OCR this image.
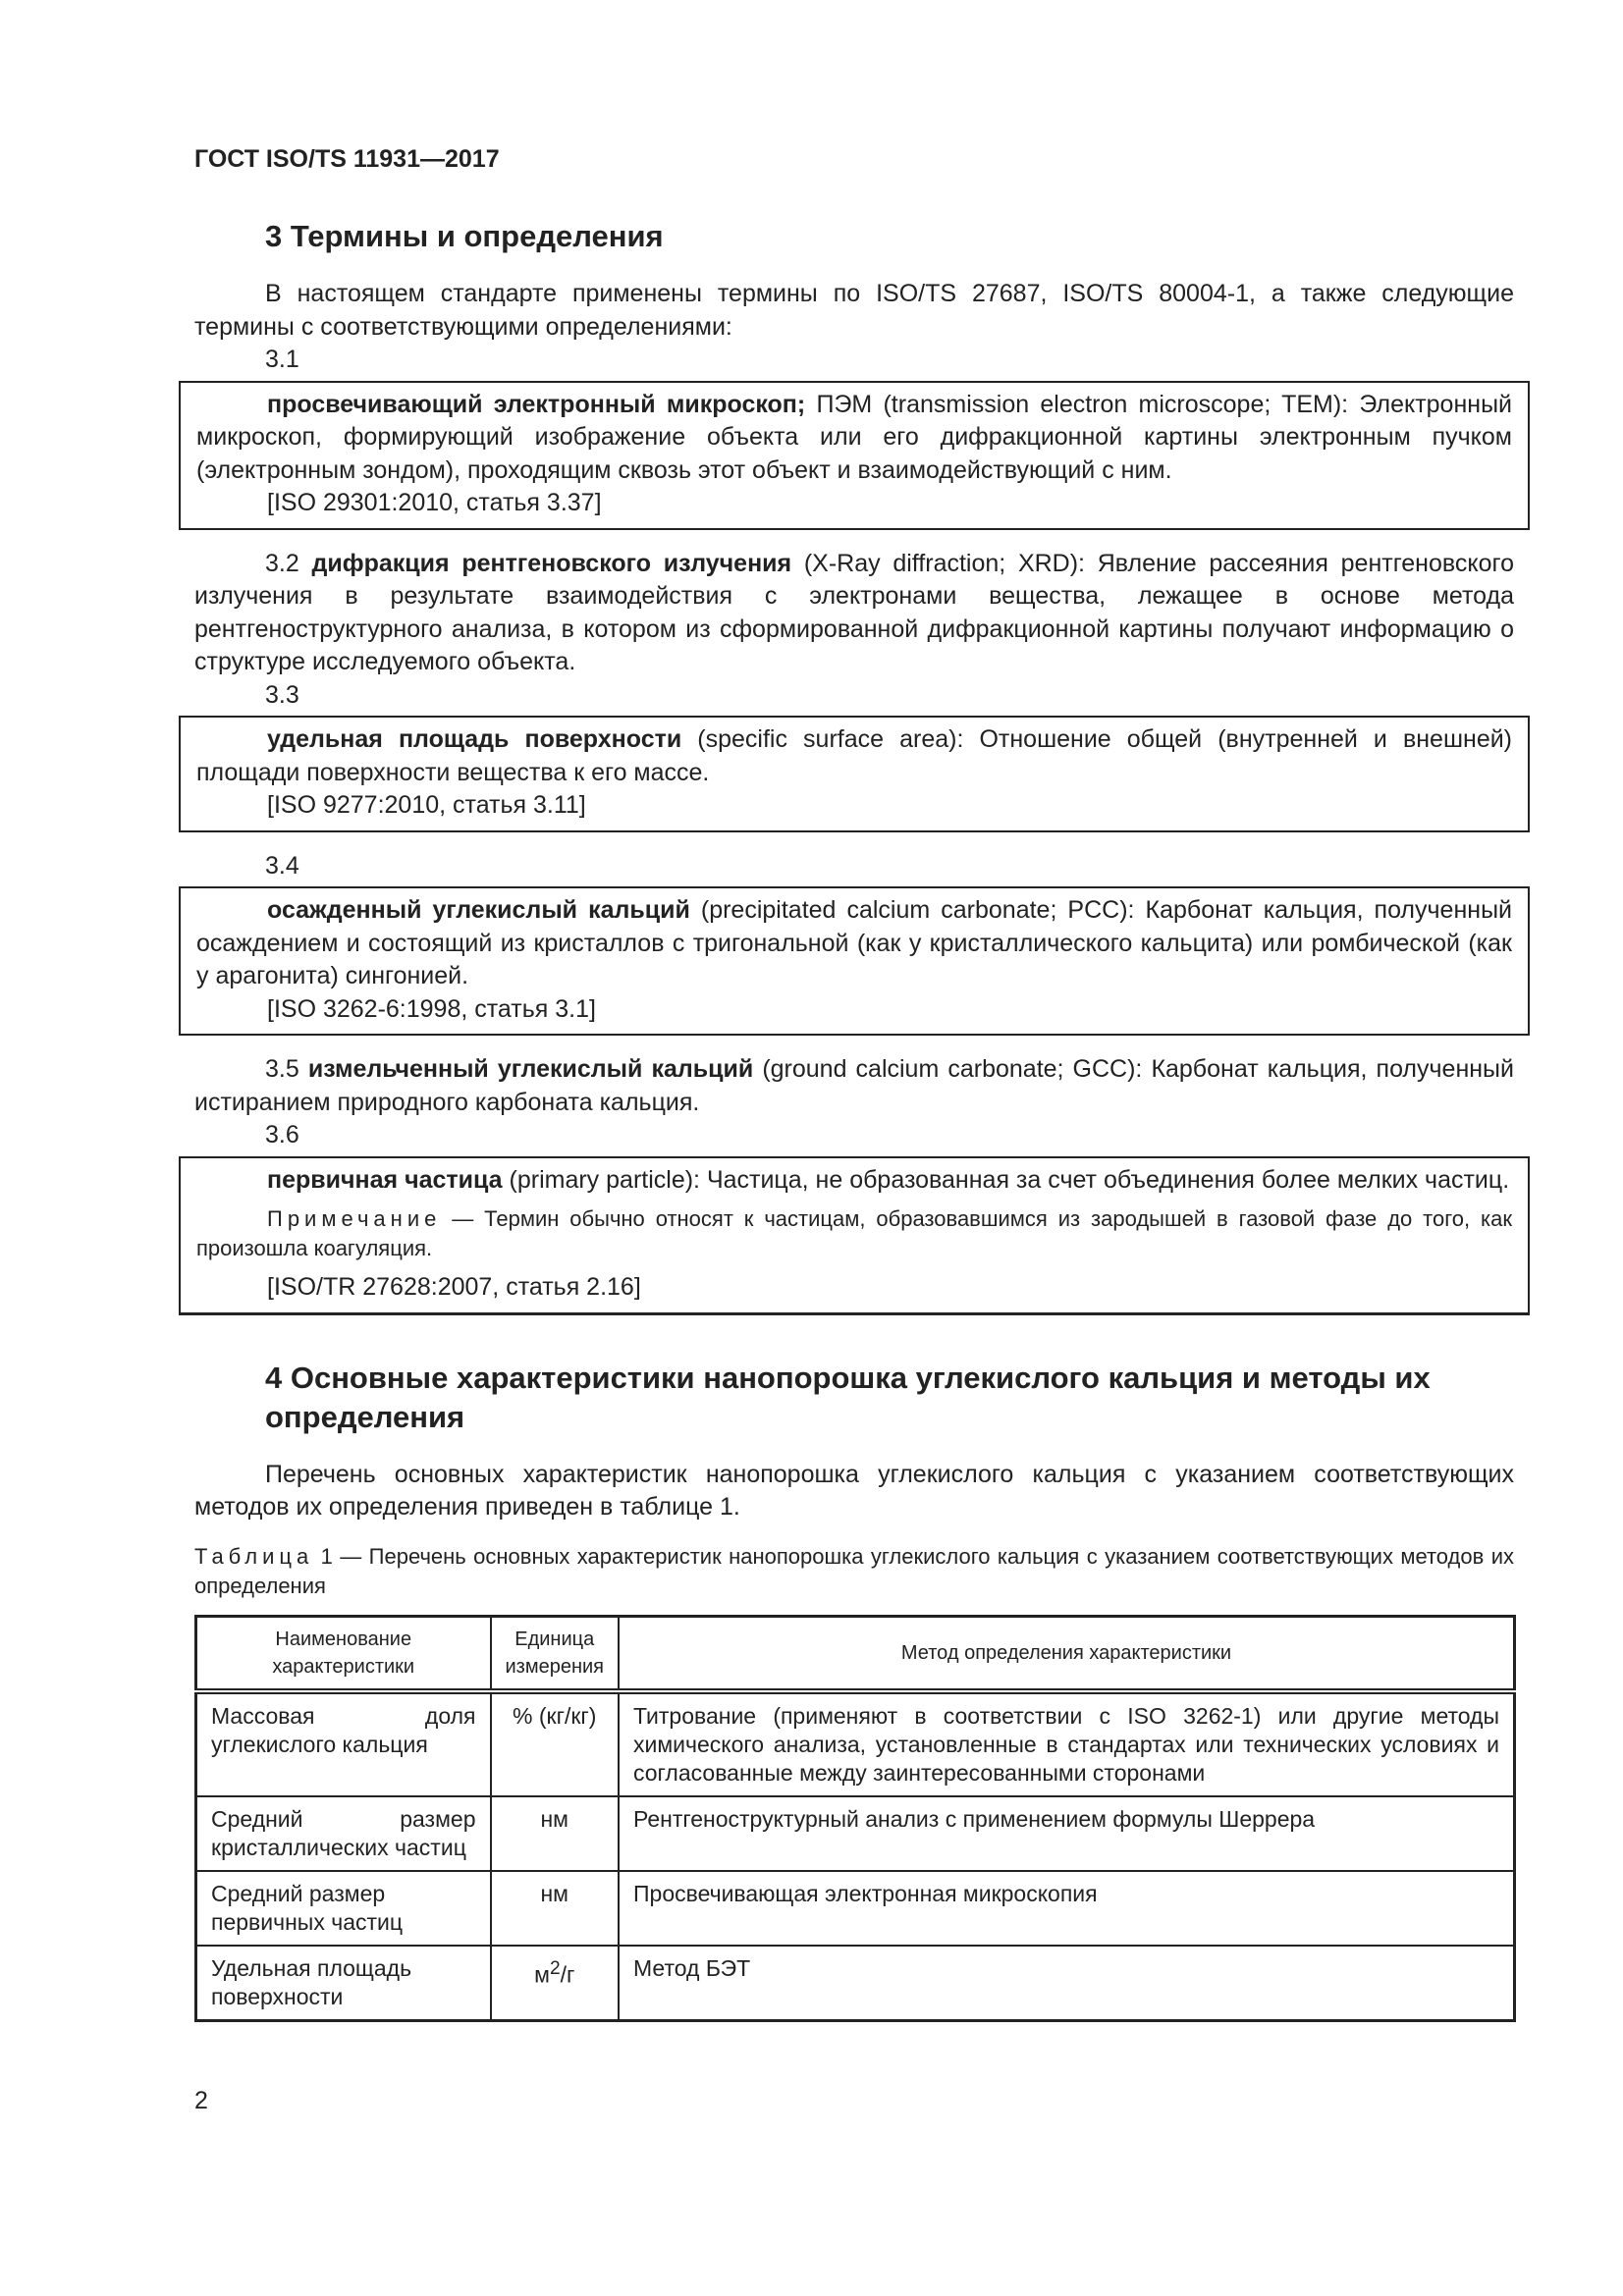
ГОСТ ISO/TS 11931—2017
3 Термины и определения

В настоящем стандарте применены термины по ISO/TS 27687, ISO/TS 80004-1, а также следующие термины с соответствующими определениями:

3.1

просвечивающий электронный микроскоп; ПЭМ (transmission electron microscope; TEM): Электронный микроскоп, формирующий изображение объекта или его дифракционной картины электронным пучком (электронным зондом), проходящим сквозь этот объект и взаимодействующий с ним.

[ISO 29301:2010, статья 3.37]

3.2 дифракция рентгеновского излучения (X-Ray diffraction; XRD): Явление рассеяния рентгеновского излучения в результате взаимодействия с электронами вещества, лежащее в основе метода рентгеноструктурного анализа, в котором из сформированной дифракционной картины получают информацию о структуре исследуемого объекта.

3.3

удельная площадь поверхности (specific surface area): Отношение общей (внутренней и внешней) площади поверхности вещества к его массе.

[ISO 9277:2010, статья 3.11]
3.4

осажденный углекислый кальций (precipitated calcium carbonate; PCC): Карбонат кальция, полученный осаждением и состоящий из кристаллов с тригональной (как у кристаллического кальцита) или ромбической (как у арагонита) сингонией.

[ISO 3262-6:1998, статья 3.1]

3.5 измельченный углекислый кальций (ground calcium carbonate; GCC): Карбонат кальция, полученный истиранием природного карбоната кальция.

3.6

первичная частица (primary particle): Частица, не образованная за счет объединения более мелких частиц.

Примечание — Термин обычно относят к частицам, образовавшимся из зародышей в газовой фазе до того, как произошла коагуляция.
[ISO/TR 27628:2007, статья 2.16]
4 Основные характеристики нанопорошка углекислого кальция и методы их определения

Перечень основных характеристик нанопорошка углекислого кальция с указанием соответствующих методов их определения приведен в таблице 1.

Таблица 1 — Перечень основных характеристик нанопорошка углекислого кальция с указанием соответствующих методов их определения
Наименование характеристики	Единица измерения	Метод определения характеристики
Массовая доля углекислого кальция	% (кг/кг)	Титрование (применяют в соответствии с ISO 3262-1) или другие методы химического анализа, установленные в стандартах или технических условиях и согласованные между заинтересованными сторонами
Средний размер кристаллических частиц	нм	Рентгеноструктурный анализ с применением формулы Шеррера
Средний размер первичных частиц	нм	Просвечивающая электронная микроскопия
Удельная площадь поверхности	$м^2/г$	Метод БЭТ
2
